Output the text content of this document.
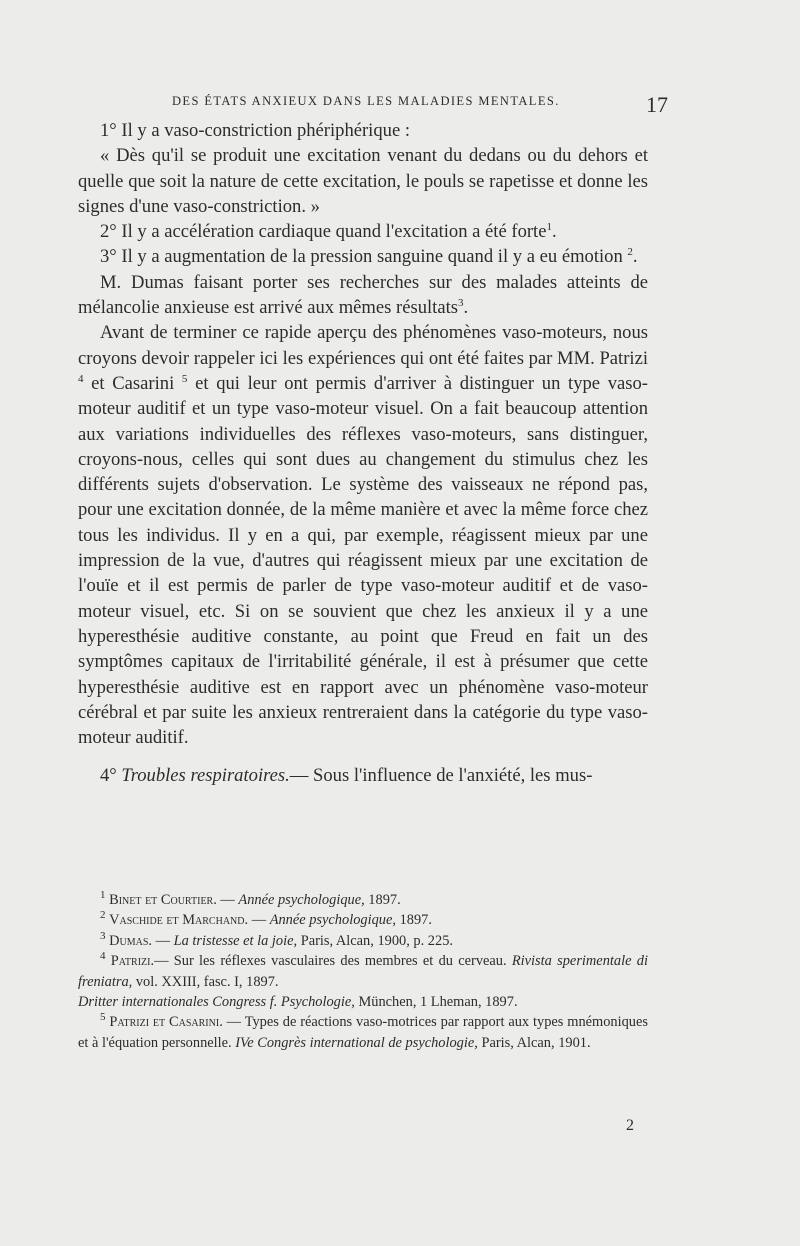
DES ÉTATS ANXIEUX DANS LES MALADIES MENTALES.	17

1° Il y a vaso-constriction phériphérique :

« Dès qu'il se produit une excitation venant du dedans ou du dehors et quelle que soit la nature de cette excitation, le pouls se rapetisse et donne les signes d'une vaso-constriction. »

2° Il y a accélération cardiaque quand l'excitation a été forte$^1$.

3° Il y a augmentation de la pression sanguine quand il y a eu émotion $^2$.

M. Dumas faisant porter ses recherches sur des malades atteints de mélancolie anxieuse est arrivé aux mêmes résultats$^3$.

Avant de terminer ce rapide aperçu des phénomènes vaso-moteurs, nous croyons devoir rappeler ici les expériences qui ont été faites par MM. Patrizi $^4$ et Casarini $^5$ et qui leur ont permis d'arriver à distinguer un type vaso-moteur auditif et un type vaso-moteur visuel. On a fait beaucoup attention aux variations individuelles des réflexes vaso-moteurs, sans distinguer, croyons-nous, celles qui sont dues au changement du stimulus chez les différents sujets d'observation. Le système des vaisseaux ne répond pas, pour une excitation donnée, de la même manière et avec la même force chez tous les individus. Il y en a qui, par exemple, réagissent mieux par une impression de la vue, d'autres qui réagissent mieux par une excitation de l'ouïe et il est permis de parler de type vaso-moteur auditif et de vaso-moteur visuel, etc. Si on se souvient que chez les anxieux il y a une hyperesthésie auditive constante, au point que Freud en fait un des symptômes capitaux de l'irritabilité générale, il est à présumer que cette hyperesthésie auditive est en rapport avec un phénomène vaso-moteur cérébral et par suite les anxieux rentreraient dans la catégorie du type vaso-moteur auditif.

4° Troubles respiratoires.— Sous l'influence de l'anxiété, les mus-

$^1$ Binet et Courtier. — Année psychologique, 1897.

$^2$ Vaschide et Marchand. — Année psychologique, 1897.

$^3$ Dumas. — La tristesse et la joie, Paris, Alcan, 1900, p. 225.

$^4$ Patrizi.— Sur les réflexes vasculaires des membres et du cerveau. Rivista sperimentale di freniatra, vol. XXIII, fasc. I, 1897.
Dritter internationales Congress f. Psychologie, München, 1 Lheman, 1897.

$^5$ Patrizi et Casarini. — Types de réactions vaso-motrices par rapport aux types mnémoniques et à l'équation personnelle. IVe Congrès international de psychologie, Paris, Alcan, 1901.

2
